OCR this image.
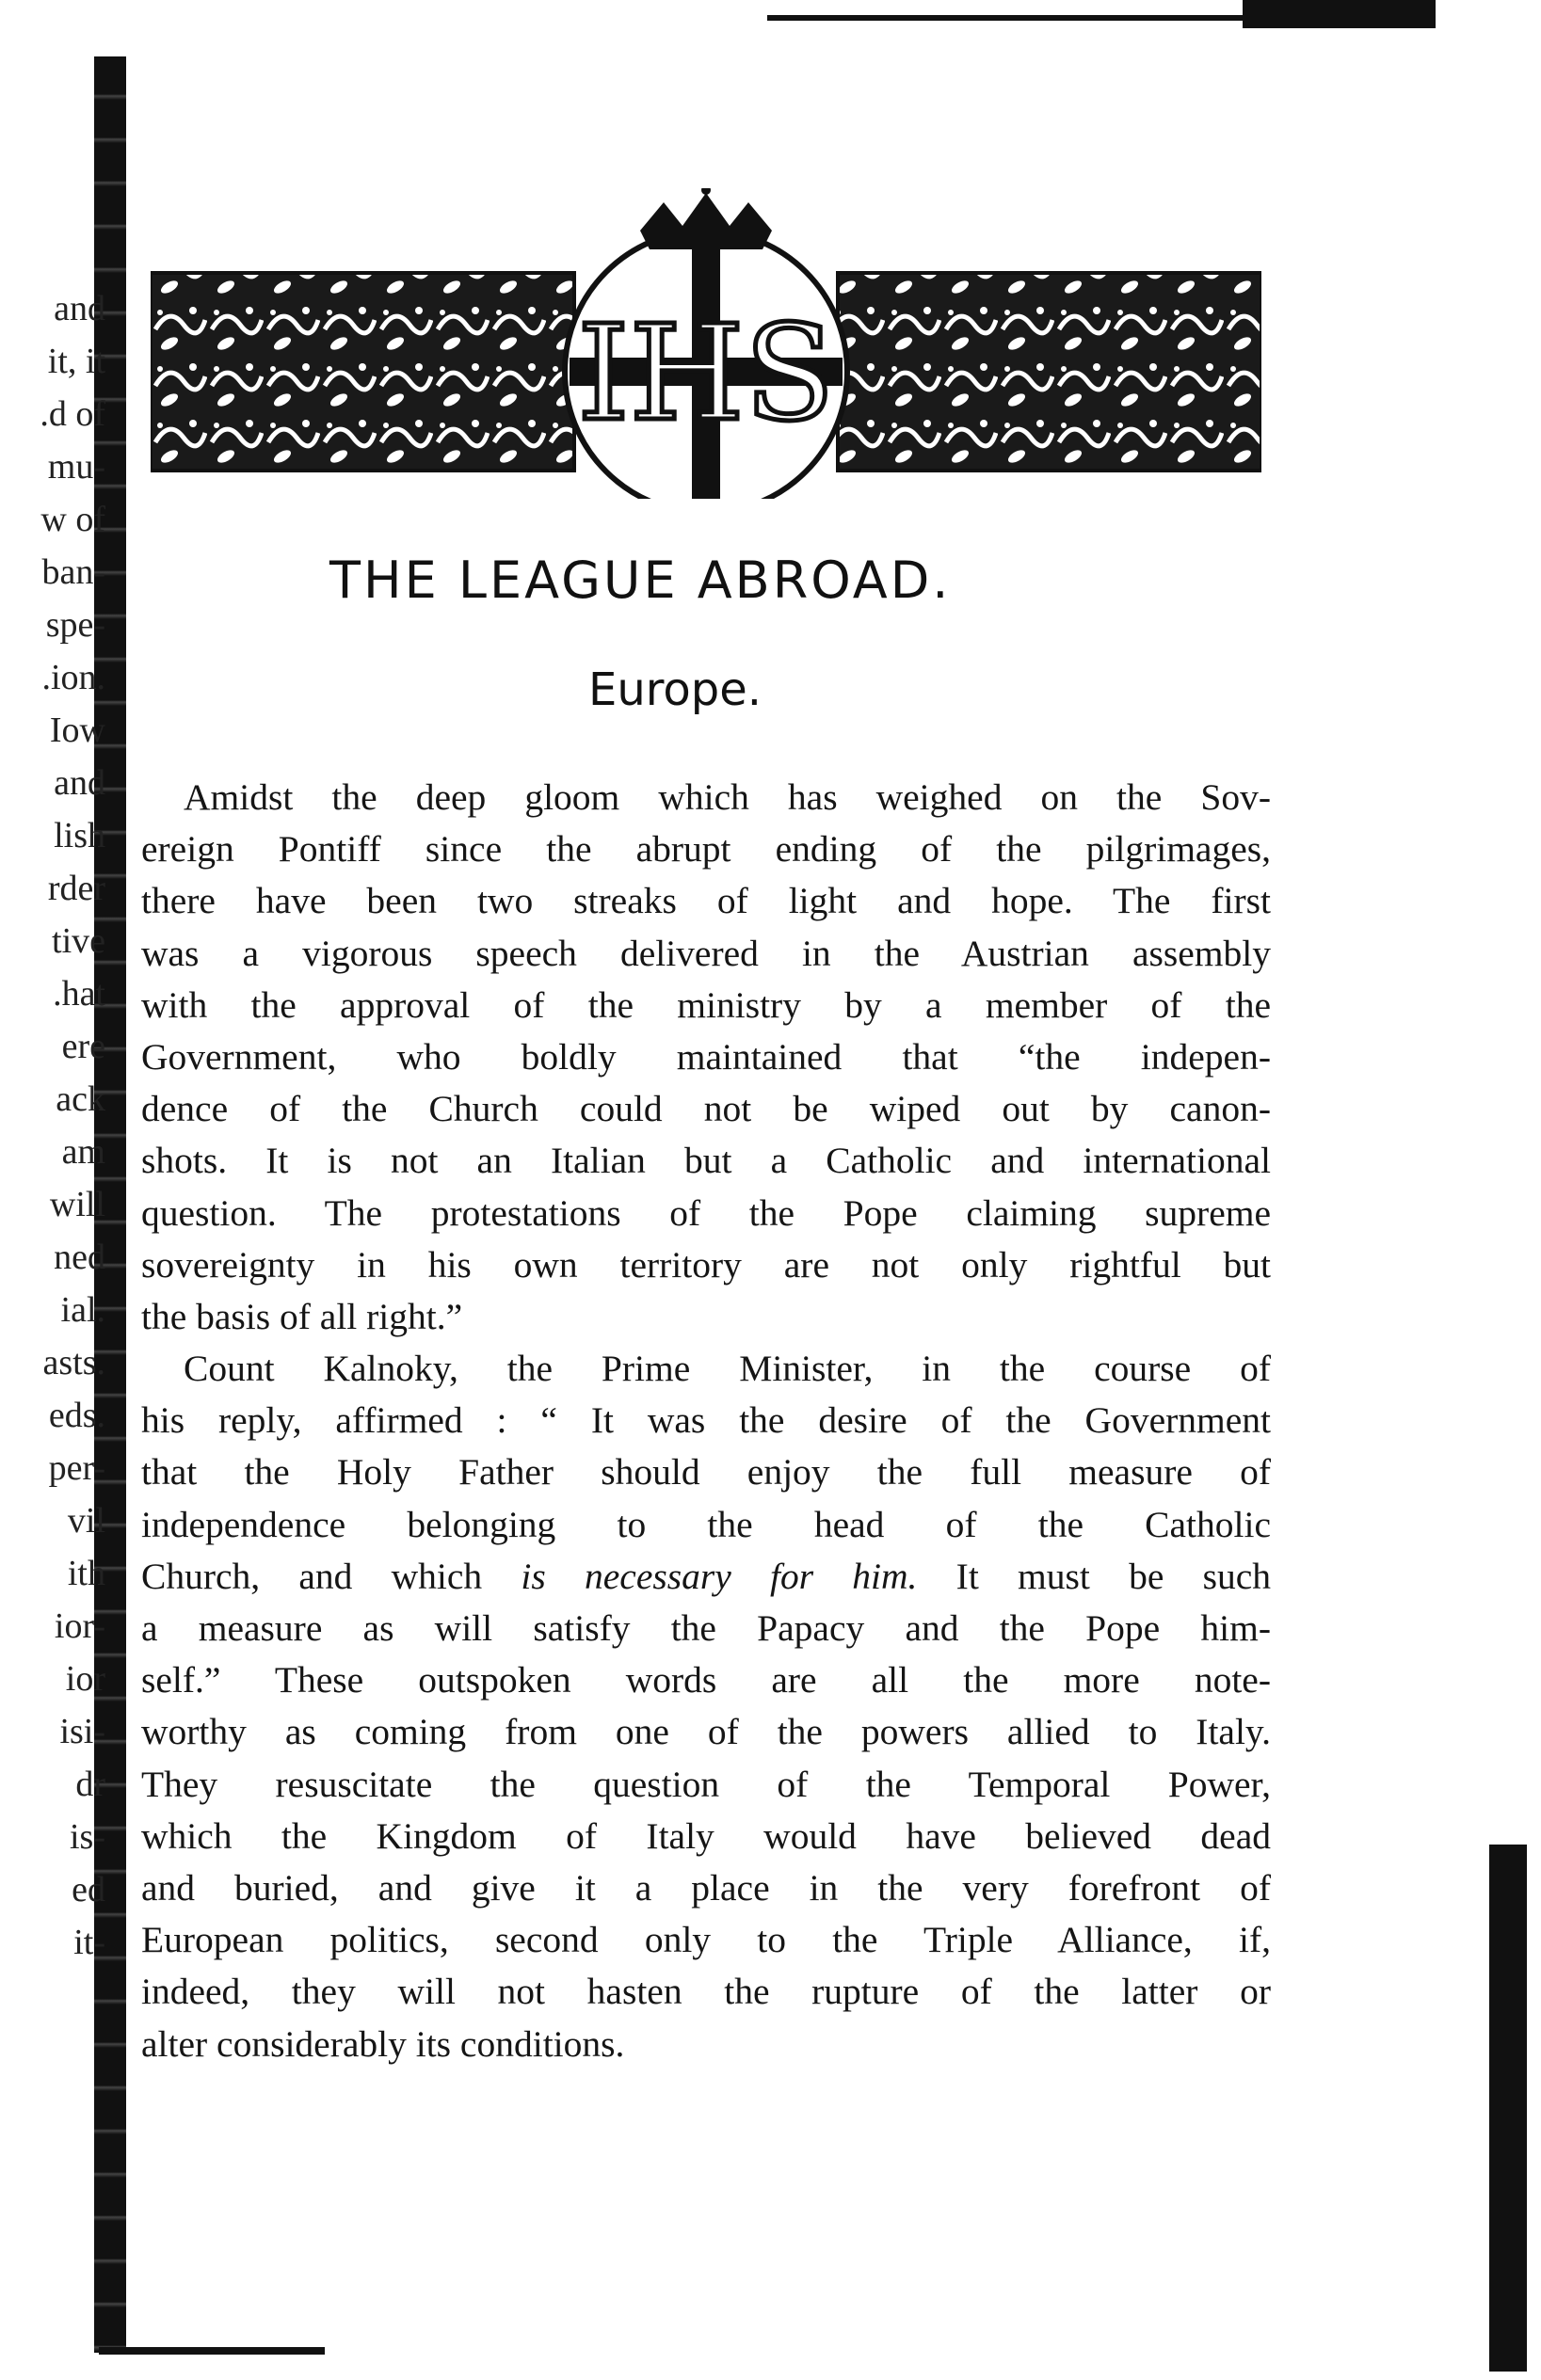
and
it, it
.d of
mu-
w of
ban-
spe-
.ion.
Iow
and
lish
rder
tive
.hat
ere
ack
am
will
ned
ial.
asts.
eds.
per-
vil
ith
ior-
ior
isi-
dr
is-
ed
it-
IHS
THE LEAGUE ABROAD.
Europe.
Amidst the deep gloom which has weighed on the Sov-
ereign Pontiff since the abrupt ending of the pilgrimages,
there have been two streaks of light and hope. The first
was a vigorous speech delivered in the Austrian assembly
with the approval of the ministry by a member of the
Government, who boldly maintained that “the indepen-
dence of the Church could not be wiped out by canon-
shots. It is not an Italian but a Catholic and international
question. The protestations of the Pope claiming supreme
sovereignty in his own territory are not only rightful but
the basis of all right.”
Count Kalnoky, the Prime Minister, in the course of
his reply, affirmed : “ It was the desire of the Government
that the Holy Father should enjoy the full measure of
independence belonging to the head of the Catholic
Church, and which is necessary for him. It must be such
a measure as will satisfy the Papacy and the Pope him-
self.” These outspoken words are all the more note-
worthy as coming from one of the powers allied to Italy.
They resuscitate the question of the Temporal Power,
which the Kingdom of Italy would have believed dead
and buried, and give it a place in the very forefront of
European politics, second only to the Triple Alliance, if,
indeed, they will not hasten the rupture of the latter or
alter considerably its conditions.
